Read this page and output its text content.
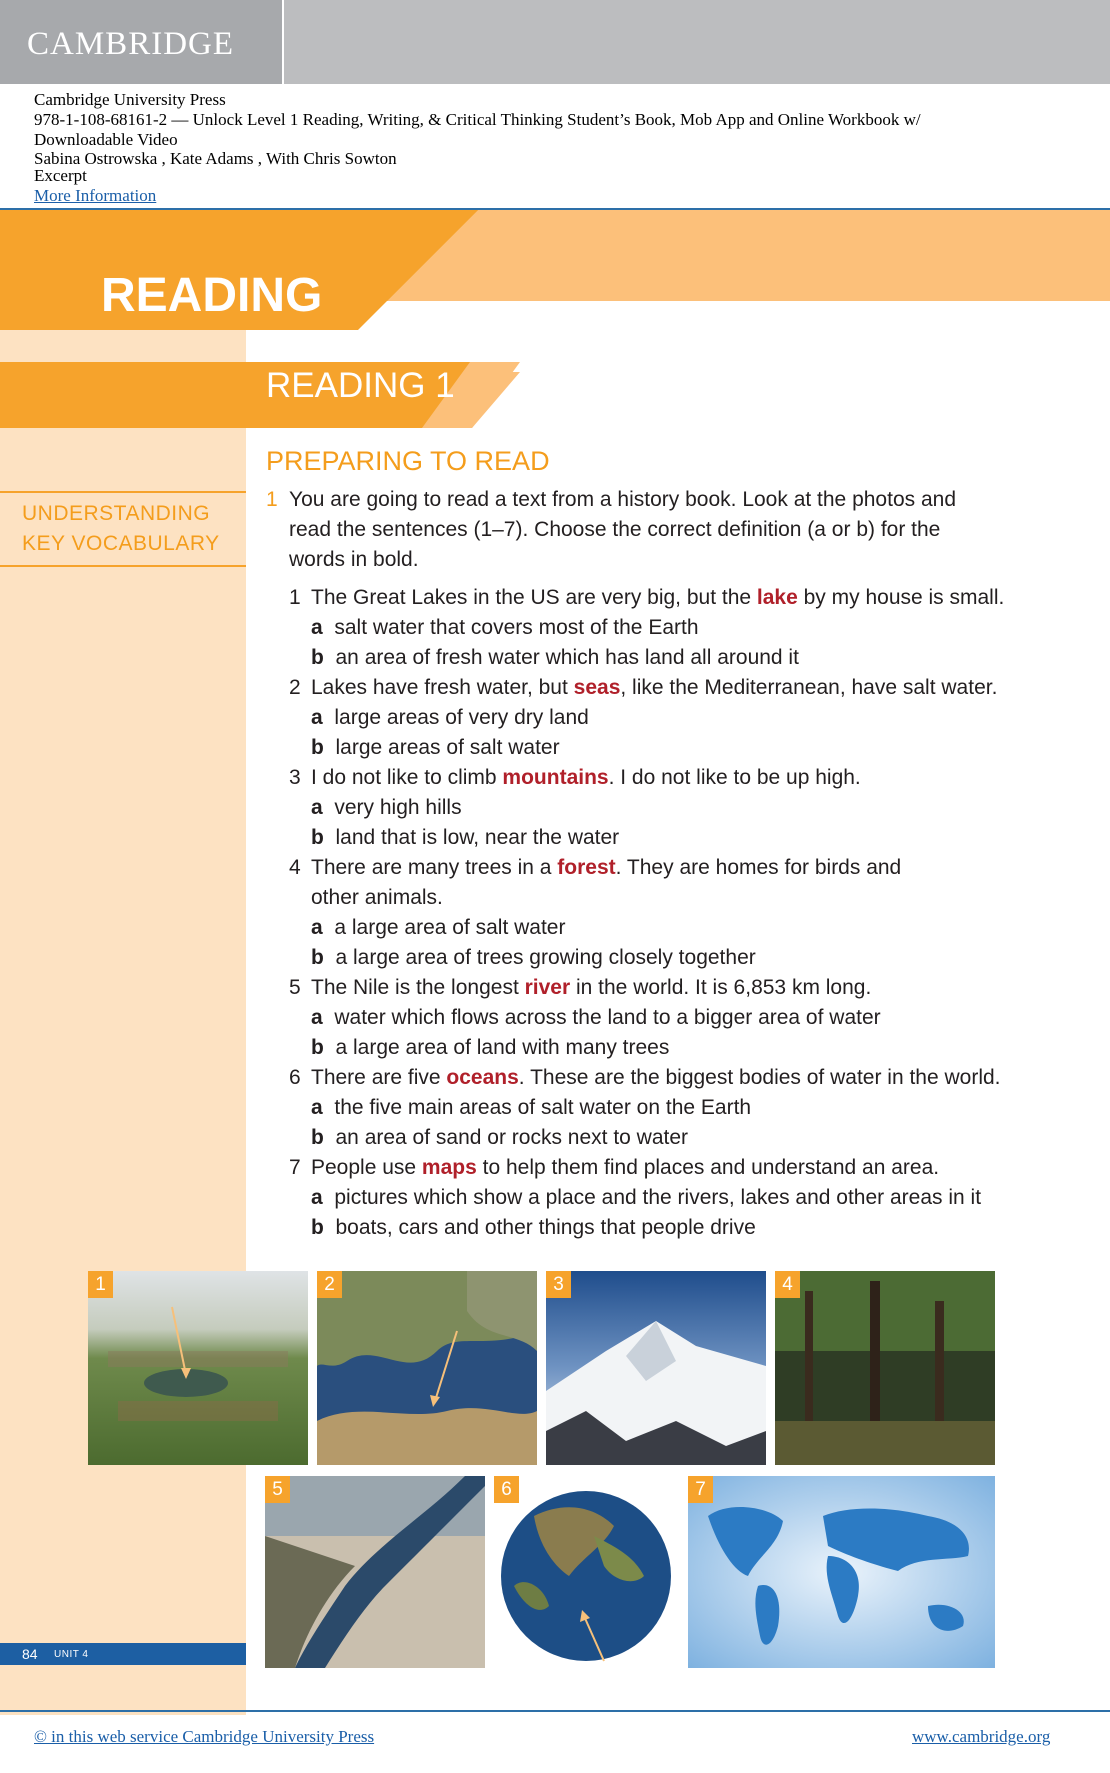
CAMBRIDGE
Cambridge University Press
978-1-108-68161-2 — Unlock Level 1 Reading, Writing, & Critical Thinking Student’s Book, Mob App and Online Workbook w/
Downloadable Video
Sabina Ostrowska , Kate Adams , With Chris Sowton
Excerpt
More Information
READING
READING 1
PREPARING TO READ
UNDERSTANDING
KEY VOCABULARY
1 You are going to read a text from a history book. Look at the photos and
read the sentences (1–7). Choose the correct definition (a or b) for the
words in bold.
1 The Great Lakes in the US are very big, but the lake by my house is small.
a salt water that covers most of the Earth
b an area of fresh water which has land all around it
2 Lakes have fresh water, but seas, like the Mediterranean, have salt water.
a large areas of very dry land
b large areas of salt water
3 I do not like to climb mountains. I do not like to be up high.
a very high hills
b land that is low, near the water
4 There are many trees in a forest. They are homes for birds and
other animals.
a a large area of salt water
b a large area of trees growing closely together
5 The Nile is the longest river in the world. It is 6,853 km long.
a water which flows across the land to a bigger area of water
b a large area of land with many trees
6 There are five oceans. These are the biggest bodies of water in the world.
a the five main areas of salt water on the Earth
b an area of sand or rocks next to water
7 People use maps to help them find places and understand an area.
a pictures which show a place and the rivers, lakes and other areas in it
b boats, cars and other things that people drive
1	2	3	4
5	6	7
84 UNIT 4
© in this web service Cambridge University Press	www.cambridge.org
